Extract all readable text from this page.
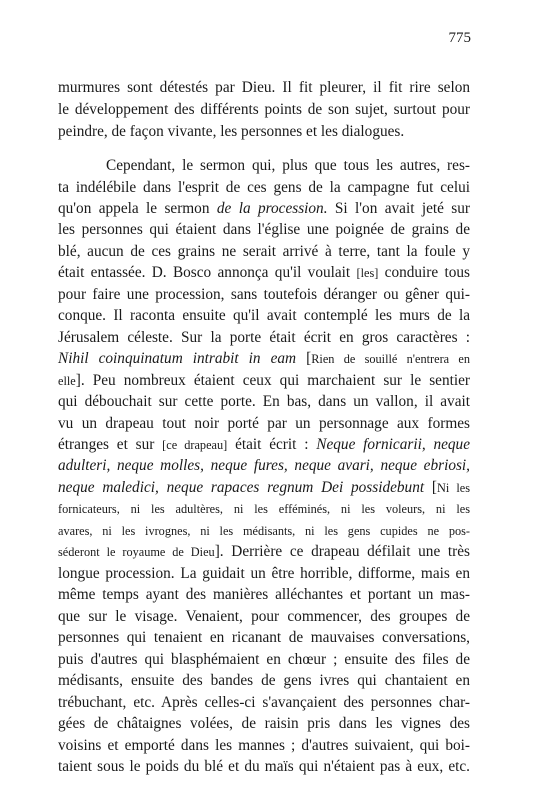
775
murmures sont détestés par Dieu. Il fit pleurer, il fit rire selon
le développement des différents points de son sujet, surtout pour
peindre, de façon vivante, les personnes et les dialogues.
Cependant, le sermon qui, plus que tous les autres, res-
ta indélébile dans l'esprit de ces gens de la campagne fut celui
qu'on appela le sermon de la procession. Si l'on avait jeté sur
les personnes qui étaient dans l'église une poignée de grains de
blé, aucun de ces grains ne serait arrivé à terre, tant la foule y
était entassée. D. Bosco annonça qu'il voulait [les] conduire tous
pour faire une procession, sans toutefois déranger ou gêner qui-
conque. Il raconta ensuite qu'il avait contemplé les murs de la
Jérusalem céleste. Sur la porte était écrit en gros caractères :
Nihil coinquinatum intrabit in eam [Rien de souillé n'entrera en
elle]. Peu nombreux étaient ceux qui marchaient sur le sentier
qui débouchait sur cette porte. En bas, dans un vallon, il avait
vu un drapeau tout noir porté par un personnage aux formes
étranges et sur [ce drapeau] était écrit : Neque fornicarii, neque
adulteri, neque molles, neque fures, neque avari, neque ebriosi,
neque maledici, neque rapaces regnum Dei possidebunt [Ni les
fornicateurs, ni les adultères, ni les efféminés, ni les voleurs, ni les
avares, ni les ivrognes, ni les médisants, ni les gens cupides ne pos-
séderont le royaume de Dieu]. Derrière ce drapeau défilait une très
longue procession. La guidait un être horrible, difforme, mais en
même temps ayant des manières alléchantes et portant un mas-
que sur le visage. Venaient, pour commencer, des groupes de
personnes qui tenaient en ricanant de mauvaises conversations,
puis d'autres qui blasphémaient en chœur ; ensuite des files de
médisants, ensuite des bandes de gens ivres qui chantaient en
trébuchant, etc. Après celles-ci s'avançaient des personnes char-
gées de châtaignes volées, de raisin pris dans les vignes des
voisins et emporté dans les mannes ; d'autres suivaient, qui boi-
taient sous le poids du blé et du maïs qui n'étaient pas à eux, etc.
